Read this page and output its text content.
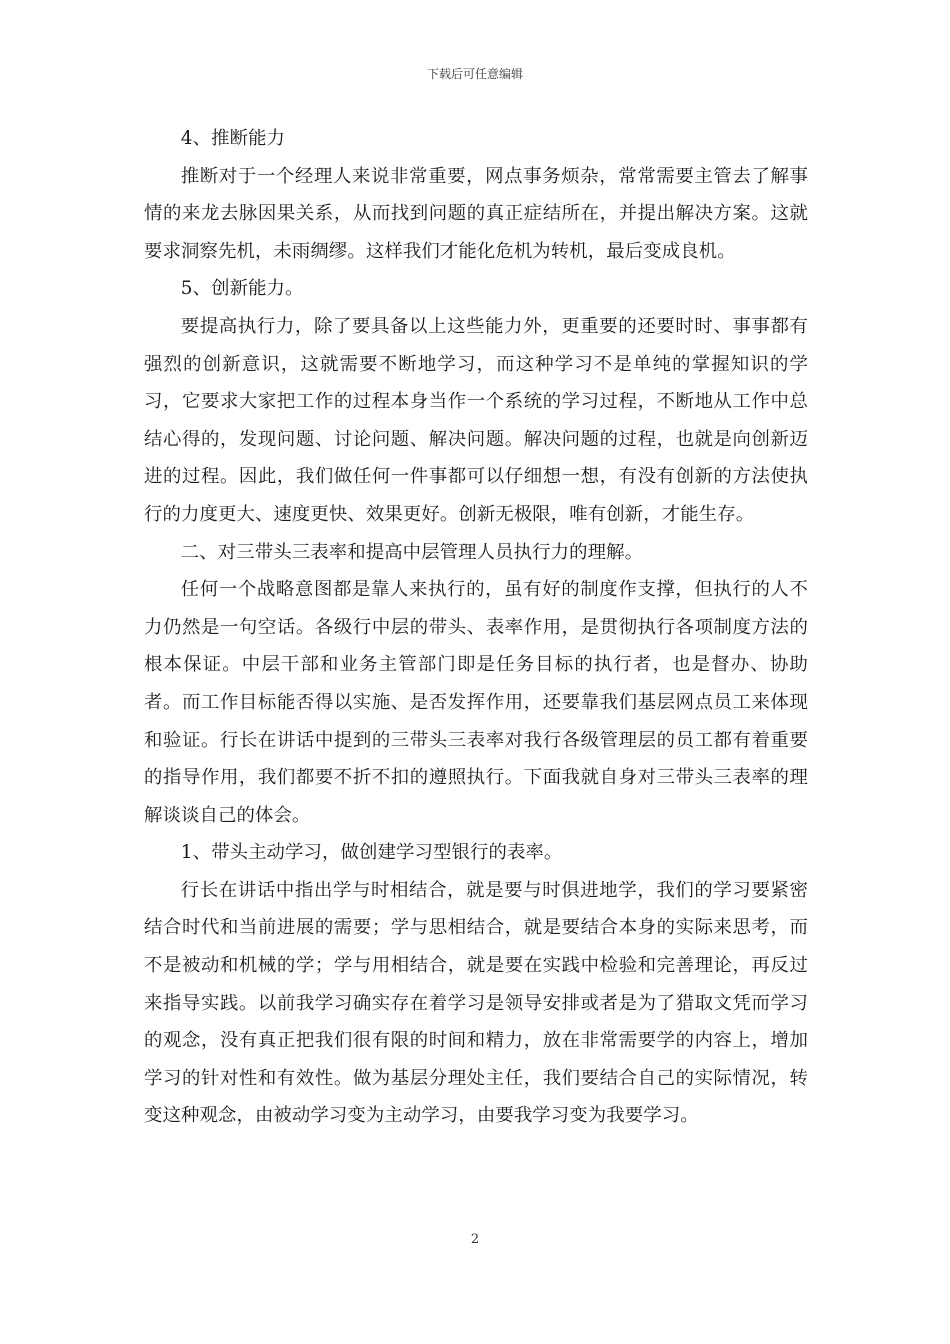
下载后可任意编辑

4、推断能力

推断对于一个经理人来说非常重要，网点事务烦杂，常常需要主管去了解事情的来龙去脉因果关系，从而找到问题的真正症结所在，并提出解决方案。这就要求洞察先机，未雨绸缪。这样我们才能化危机为转机，最后变成良机。

5、创新能力。

要提高执行力，除了要具备以上这些能力外，更重要的还要时时、事事都有强烈的创新意识，这就需要不断地学习，而这种学习不是单纯的掌握知识的学习，它要求大家把工作的过程本身当作一个系统的学习过程，不断地从工作中总结心得的，发现问题、讨论问题、解决问题。解决问题的过程，也就是向创新迈进的过程。因此，我们做任何一件事都可以仔细想一想，有没有创新的方法使执行的力度更大、速度更快、效果更好。创新无极限，唯有创新，才能生存。

二、对三带头三表率和提高中层管理人员执行力的理解。

任何一个战略意图都是靠人来执行的，虽有好的制度作支撑，但执行的人不力仍然是一句空话。各级行中层的带头、表率作用，是贯彻执行各项制度方法的根本保证。中层干部和业务主管部门即是任务目标的执行者，也是督办、协助者。而工作目标能否得以实施、是否发挥作用，还要靠我们基层网点员工来体现和验证。行长在讲话中提到的三带头三表率对我行各级管理层的员工都有着重要的指导作用，我们都要不折不扣的遵照执行。下面我就自身对三带头三表率的理解谈谈自己的体会。

1、带头主动学习，做创建学习型银行的表率。

行长在讲话中指出学与时相结合，就是要与时俱进地学，我们的学习要紧密结合时代和当前进展的需要；学与思相结合，就是要结合本身的实际来思考，而不是被动和机械的学；学与用相结合，就是要在实践中检验和完善理论，再反过来指导实践。以前我学习确实存在着学习是领导安排或者是为了猎取文凭而学习的观念，没有真正把我们很有限的时间和精力，放在非常需要学的内容上，增加学习的针对性和有效性。做为基层分理处主任，我们要结合自己的实际情况，转变这种观念，由被动学习变为主动学习，由要我学习变为我要学习。

2
